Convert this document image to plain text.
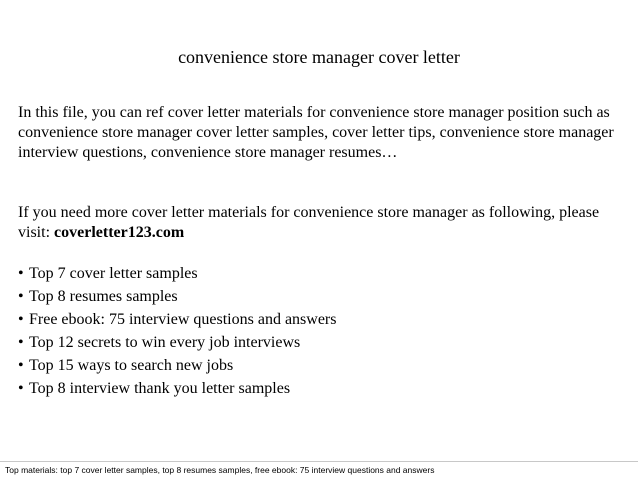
convenience store manager cover letter
In this file, you can ref cover letter materials for convenience store manager position such as convenience store manager cover letter samples, cover letter tips, convenience store manager interview questions, convenience store manager resumes…
If you need more cover letter materials for convenience store manager as following, please visit: coverletter123.com
• Top 7 cover letter samples
• Top 8 resumes samples
• Free ebook: 75 interview questions and answers
• Top 12 secrets to win every job interviews
• Top 15 ways to search new jobs
• Top 8 interview thank you letter samples
Top materials: top 7 cover letter samples, top 8 resumes samples, free ebook: 75 interview questions and answers
